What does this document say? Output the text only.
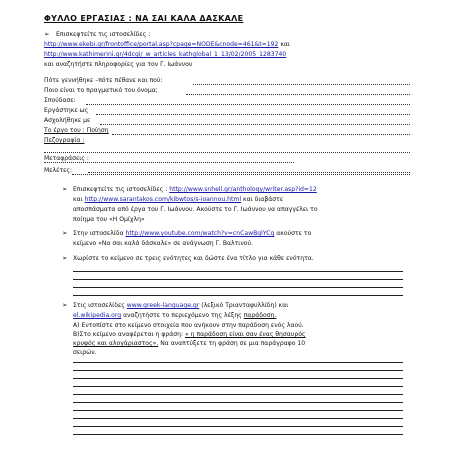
ΦΥΛΛΟ ΕΡΓΑΣΙΑΣ : ΝΑ ΣΑΙ ΚΑΛΑ ΔΑΣΚΑΛΕ
➢ Επισκεφτείτε τις ιστοσελίδες :
http://www.ekebi.gr/frontoffice/portal.asp?cpage=NODE&cnode=461&t=192 και
http://www.kathimerini.gr/4dcgi/_w_articles_kathglobal_1_13/02/2005_1283740
και αναζητήστε πληροφορίες για τον Γ. Ιωάννου
Πότε γεννήθηκε –πότε πέθανε και πού:
Ποιο είναι το πραγματικό του όνομα;
Σπούδασε:
Εργάστηκε ως
Ασχολήθηκε με
Το έργο του : Ποίηση
Πεζογραφία :
Μεταφράσεις :
Μελέτες:
➢ Επισκεφτείτε τις ιστοσελίδες : http://www.snhell.gr/anthology/writer.asp?id=12
και http://www.sarantakos.com/kibwtos/s-ioannou.html και διαβάστε
αποσπάσματα από έργα του Γ. Ιωάννου. Ακούστε το Γ. Ιωάννου να απαγγέλει το
ποίημα του «Η Ομίχλη»
➢ Στην ιστοσελίδα http://www.youtube.com/watch?v=cnCawBglYCg ακούστε το
κείμενο «Να σαι καλά δάσκαλε» σε ανάγνωση Γ. Βαλτινού.
➢ Χωρίστε το κείμενο σε τρεις ενότητες και δώστε ένα τίτλο για κάθε ενότητα.
➢ Στις ιστοσελίδες www.greek-language.gr (λεξικό Τριανταφυλλίδη) και
el.wikipedia.org αναζητήστε το περιεχόμενο της λέξης παράδοση.
Α) Εντοπίστε στο κείμενο στοιχεία που ανήκουν στην παράδοση ενός λαού.
Β)Στο κείμενο αναφέρεται η φράση: « η παράδοση είναι σαν ένας θησαυρός
κρυφός και αλογάριαστος». Να αναπτύξετε τη φράση σε μια παράγραφο 10
σειρών.
